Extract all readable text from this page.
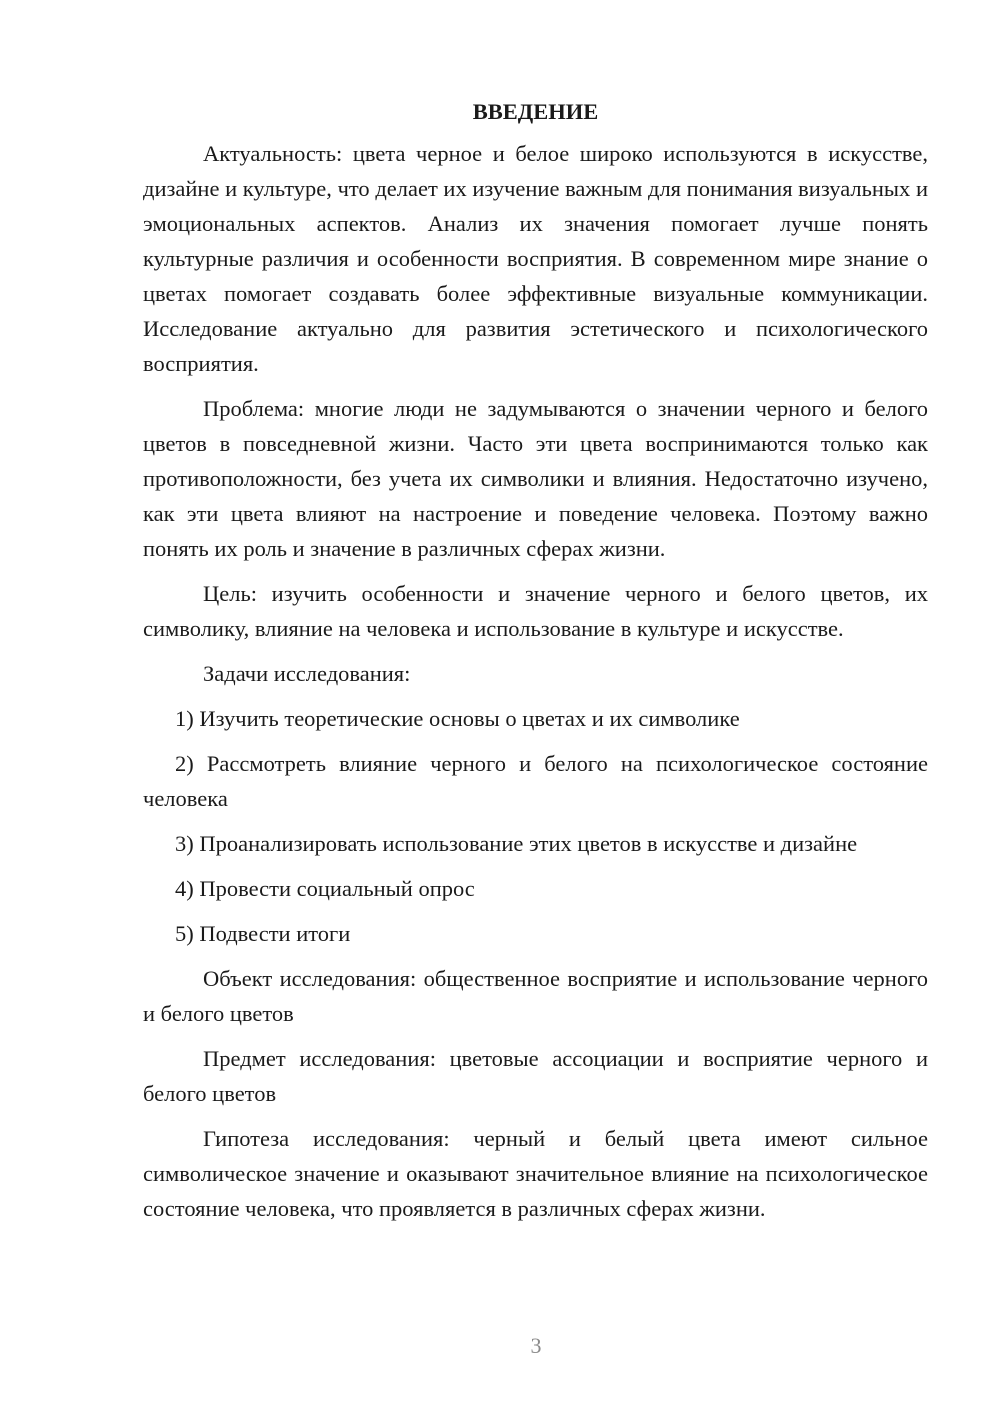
ВВЕДЕНИЕ

Актуальность: цвета черное и белое широко используются в искусстве, дизайне и культуре, что делает их изучение важным для понимания визуальных и эмоциональных аспектов. Анализ их значения помогает лучше понять культурные различия и особенности восприятия. В современном мире знание о цветах помогает создавать более эффективные визуальные коммуникации. Исследование актуально для развития эстетического и психологического восприятия.

Проблема: многие люди не задумываются о значении черного и белого цветов в повседневной жизни. Часто эти цвета воспринимаются только как противоположности, без учета их символики и влияния. Недостаточно изучено, как эти цвета влияют на настроение и поведение человека. Поэтому важно понять их роль и значение в различных сферах жизни.

Цель: изучить особенности и значение черного и белого цветов, их символику, влияние на человека и использование в культуре и искусстве.

Задачи исследования:

1) Изучить теоретические основы о цветах и их символике

2) Рассмотреть влияние черного и белого на психологическое состояние человека

3) Проанализировать использование этих цветов в искусстве и дизайне

4) Провести социальный опрос

5) Подвести итоги

Объект исследования: общественное восприятие и использование черного и белого цветов

Предмет исследования: цветовые ассоциации и восприятие черного и белого цветов

Гипотеза исследования: черный и белый цвета имеют сильное символическое значение и оказывают значительное влияние на психологическое состояние человека, что проявляется в различных сферах жизни.

3
